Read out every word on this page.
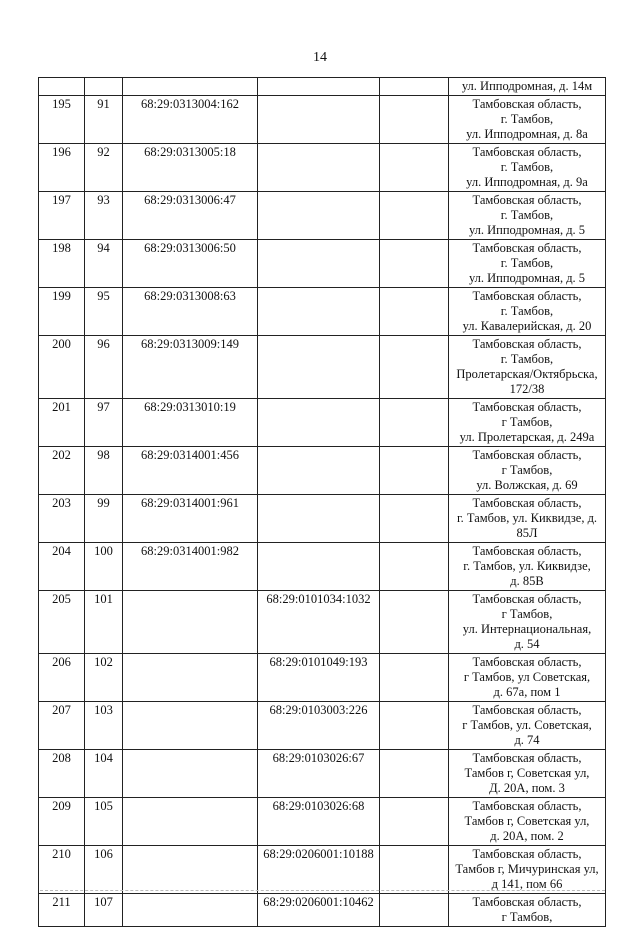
14

					ул. Ипподромная, д. 14м

195	91	68:29:0313004:162			Тамбовская область,
г. Тамбов,
ул. Ипподромная, д. 8а

196	92	68:29:0313005:18			Тамбовская область,
г. Тамбов,
ул. Ипподромная, д. 9а

197	93	68:29:0313006:47			Тамбовская область,
г. Тамбов,
ул. Ипподромная, д. 5

198	94	68:29:0313006:50			Тамбовская область,
г. Тамбов,
ул. Ипподромная, д. 5

199	95	68:29:0313008:63			Тамбовская область,
г. Тамбов,
ул. Кавалерийская, д. 20

200	96	68:29:0313009:149			Тамбовская область,
г. Тамбов,
Пролетарская/Октябрьска,
172/38

201	97	68:29:0313010:19			Тамбовская область,
г Тамбов,
ул. Пролетарская, д. 249а

202	98	68:29:0314001:456			Тамбовская область,
г Тамбов,
ул. Волжская, д. 69

203	99	68:29:0314001:961			Тамбовская область,
г. Тамбов, ул. Киквидзе, д.
85Л

204	100	68:29:0314001:982			Тамбовская область,
г. Тамбов, ул. Киквидзе,
д. 85В

205	101		68:29:0101034:1032		Тамбовская область,
г Тамбов,
ул. Интернациональная,
д. 54

206	102		68:29:0101049:193		Тамбовская область,
г Тамбов, ул Советская,
д. 67а, пом 1

207	103		68:29:0103003:226		Тамбовская область,
г Тамбов, ул. Советская,
д. 74

208	104		68:29:0103026:67		Тамбовская область,
Тамбов г, Советская ул,
Д. 20А, пом. 3

209	105		68:29:0103026:68		Тамбовская область,
Тамбов г, Советская ул,
д. 20А, пом. 2

210	106		68:29:0206001:10188		Тамбовская область,
Тамбов г, Мичуринская ул,
д 141, пом 66

211	107		68:29:0206001:10462		Тамбовская область,
г Тамбов,
